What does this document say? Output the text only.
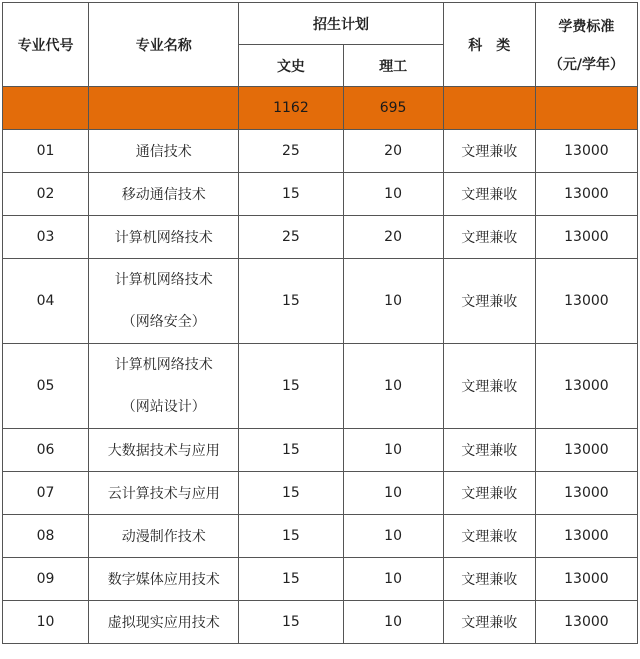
专业代号	专业名称	招生计划		科　类	学费标准
（元/学年）

		文史	理工		
		1162	695		
01	通信技术	25	20	文理兼收	13000
02	移动通信技术	15	10	文理兼收	13000
03	计算机网络技术	25	20	文理兼收	13000
04	计算机网络技术
（网络安全）	15	10	文理兼收	13000
05	计算机网络技术
（网站设计）	15	10	文理兼收	13000
06	大数据技术与应用	15	10	文理兼收	13000
07	云计算技术与应用	15	10	文理兼收	13000
08	动漫制作技术	15	10	文理兼收	13000
09	数字媒体应用技术	15	10	文理兼收	13000
10	虚拟现实应用技术	15	10	文理兼收	13000
